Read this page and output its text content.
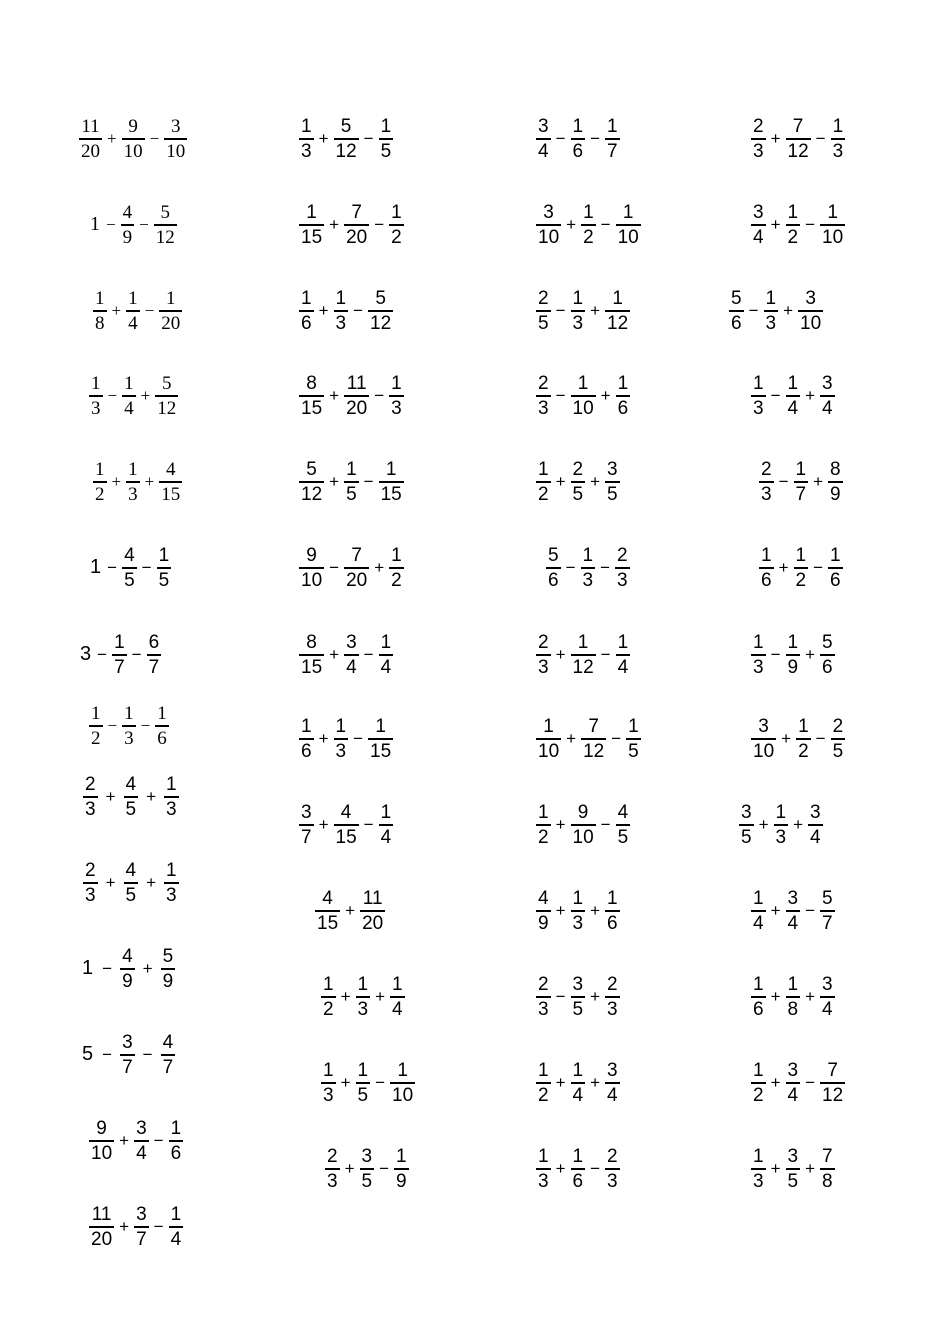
$\frac{11}{20} + \frac{9}{10} - \frac{3}{10}$
$1 - \frac{4}{9} - \frac{5}{12}$
$\frac{1}{8} + \frac{1}{4} - \frac{1}{20}$
$\frac{1}{3} - \frac{1}{4} + \frac{5}{12}$
$\frac{1}{2} + \frac{1}{3} + \frac{4}{15}$
$1 - \frac{4}{5} - \frac{1}{5}$
$3 - \frac{1}{7} - \frac{6}{7}$
$\frac{1}{2} - \frac{1}{3} - \frac{1}{6}$
$\frac{2}{3} + \frac{4}{5} + \frac{1}{3}$
$\frac{2}{3} + \frac{4}{5} + \frac{1}{3}$
$1 - \frac{4}{9} + \frac{5}{9}$
$5 - \frac{3}{7} - \frac{4}{7}$
$\frac{9}{10} + \frac{3}{4} - \frac{1}{6}$
$\frac{11}{20} + \frac{3}{7} - \frac{1}{4}$
$\frac{1}{3} + \frac{5}{12} - \frac{1}{5}$
$\frac{1}{15} + \frac{7}{20} - \frac{1}{2}$
$\frac{1}{6} + \frac{1}{3} - \frac{5}{12}$
$\frac{8}{15} + \frac{11}{20} - \frac{1}{3}$
$\frac{5}{12} + \frac{1}{5} - \frac{1}{15}$
$\frac{9}{10} - \frac{7}{20} + \frac{1}{2}$
$\frac{8}{15} + \frac{3}{4} - \frac{1}{4}$
$\frac{1}{6} + \frac{1}{3} - \frac{1}{15}$
$\frac{3}{7} + \frac{4}{15} - \frac{1}{4}$
$\frac{4}{15} + \frac{11}{20}$
$\frac{1}{2} + \frac{1}{3} + \frac{1}{4}$
$\frac{1}{3} + \frac{1}{5} - \frac{1}{10}$
$\frac{2}{3} + \frac{3}{5} - \frac{1}{9}$
$\frac{3}{4} - \frac{1}{6} - \frac{1}{7}$
$\frac{3}{10} + \frac{1}{2} - \frac{1}{10}$
$\frac{2}{5} - \frac{1}{3} + \frac{1}{12}$
$\frac{2}{3} - \frac{1}{10} + \frac{1}{6}$
$\frac{1}{2} + \frac{2}{5} + \frac{3}{5}$
$\frac{5}{6} - \frac{1}{3} - \frac{2}{3}$
$\frac{2}{3} + \frac{1}{12} - \frac{1}{4}$
$\frac{1}{10} + \frac{7}{12} - \frac{1}{5}$
$\frac{1}{2} + \frac{9}{10} - \frac{4}{5}$
$\frac{4}{9} + \frac{1}{3} + \frac{1}{6}$
$\frac{2}{3} - \frac{3}{5} + \frac{2}{3}$
$\frac{1}{2} + \frac{1}{4} + \frac{3}{4}$
$\frac{1}{3} + \frac{1}{6} - \frac{2}{3}$
$\frac{2}{3} + \frac{7}{12} - \frac{1}{3}$
$\frac{3}{4} + \frac{1}{2} - \frac{1}{10}$
$\frac{5}{6} - \frac{1}{3} + \frac{3}{10}$
$\frac{1}{3} - \frac{1}{4} + \frac{3}{4}$
$\frac{2}{3} - \frac{1}{7} + \frac{8}{9}$
$\frac{1}{6} + \frac{1}{2} - \frac{1}{6}$
$\frac{1}{3} - \frac{1}{9} + \frac{5}{6}$
$\frac{3}{10} + \frac{1}{2} - \frac{2}{5}$
$\frac{3}{5} + \frac{1}{3} + \frac{3}{4}$
$\frac{1}{4} + \frac{3}{4} - \frac{5}{7}$
$\frac{1}{6} + \frac{1}{8} + \frac{3}{4}$
$\frac{1}{2} + \frac{3}{4} - \frac{7}{12}$
$\frac{1}{3} + \frac{3}{5} + \frac{7}{8}$
